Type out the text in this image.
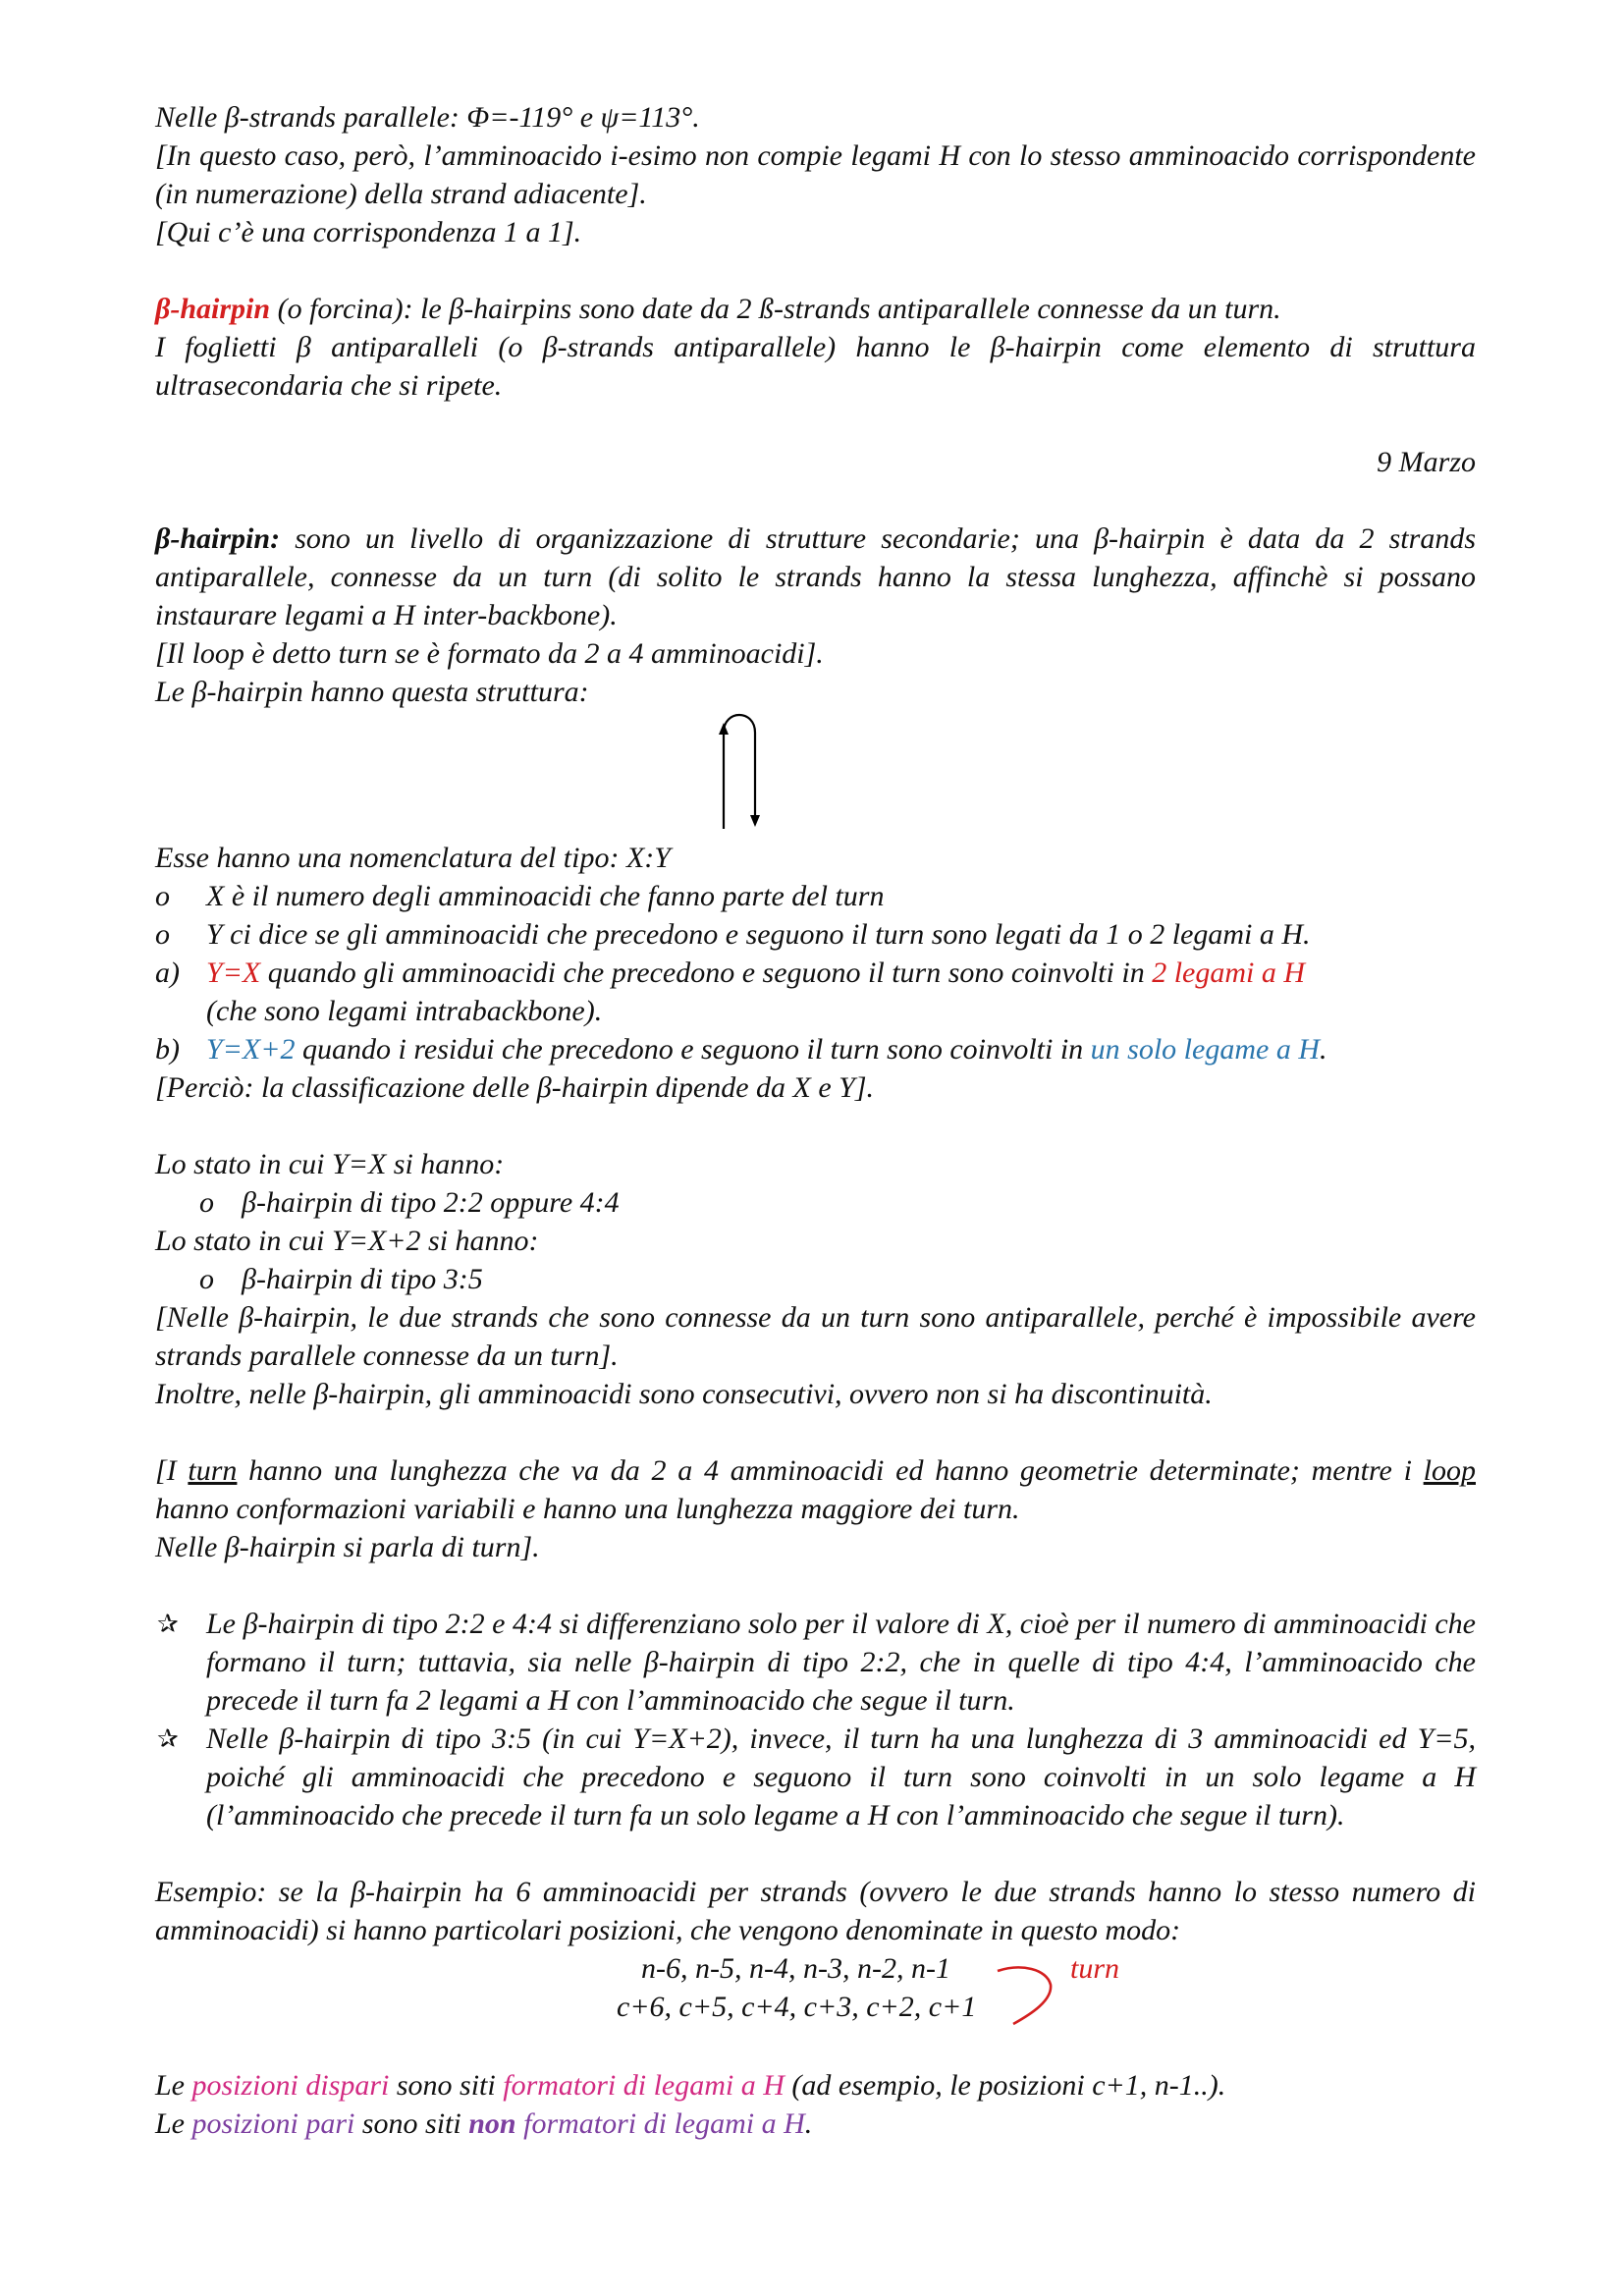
Nelle β-strands parallele: Φ=-119° e ψ=113°.

[In questo caso, però, l’amminoacido i-esimo non compie legami H con lo stesso amminoacido corrispondente (in numerazione) della strand adiacente].

[Qui c’è una corrispondenza 1 a 1].

β-hairpin (o forcina): le β-hairpins sono date da 2 ß-strands antiparallele connesse da un turn.

I foglietti β antiparalleli (o β-strands antiparallele) hanno le β-hairpin come elemento di struttura ultrasecondaria che si ripete.

9 Marzo

β-hairpin: sono un livello di organizzazione di strutture secondarie; una β-hairpin è data da 2 strands antiparallele, connesse da un turn (di solito le strands hanno la stessa lunghezza, affinchè si possano instaurare legami a H inter-backbone).

[Il loop è detto turn se è formato da 2 a 4 amminoacidi].

Le β-hairpin hanno questa struttura:

Esse hanno una nomenclatura del tipo: X:Y

o X è il numero degli amminoacidi che fanno parte del turn
o Y ci dice se gli amminoacidi che precedono e seguono il turn sono legati da 1 o 2 legami a H.
a) Y=X quando gli amminoacidi che precedono e seguono il turn sono coinvolti in 2 legami a H
(che sono legami intrabackbone).
b) Y=X+2 quando i residui che precedono e seguono il turn sono coinvolti in un solo legame a H.

[Perciò: la classificazione delle β-hairpin dipende da X e Y].

Lo stato in cui Y=X si hanno:

o β-hairpin di tipo 2:2 oppure 4:4

Lo stato in cui Y=X+2 si hanno:

o β-hairpin di tipo 3:5

[Nelle β-hairpin, le due strands che sono connesse da un turn sono antiparallele, perché è impossibile avere strands parallele connesse da un turn].

Inoltre, nelle β-hairpin, gli amminoacidi sono consecutivi, ovvero non si ha discontinuità.

[I turn hanno una lunghezza che va da 2 a 4 amminoacidi ed hanno geometrie determinate; mentre i loop hanno conformazioni variabili e hanno una lunghezza maggiore dei turn.

Nelle β-hairpin si parla di turn].

✰ Le β-hairpin di tipo 2:2 e 4:4 si differenziano solo per il valore di X, cioè per il numero di amminoacidi che formano il turn; tuttavia, sia nelle β-hairpin di tipo 2:2, che in quelle di tipo 4:4, l’amminoacido che precede il turn fa 2 legami a H con l’amminoacido che segue il turn.
✰ Nelle β-hairpin di tipo 3:5 (in cui Y=X+2), invece, il turn ha una lunghezza di 3 amminoacidi ed Y=5, poiché gli amminoacidi che precedono e seguono il turn sono coinvolti in un solo legame a H (l’amminoacido che precede il turn fa un solo legame a H con l’amminoacido che segue il turn).

Esempio: se la β-hairpin ha 6 amminoacidi per strands (ovvero le due strands hanno lo stesso numero di amminoacidi) si hanno particolari posizioni, che vengono denominate in questo modo:

n-6, n-5, n-4, n-3, n-2, n-1
c+6, c+5, c+4, c+3, c+2, c+1
turn

Le posizioni dispari sono siti formatori di legami a H (ad esempio, le posizioni c+1, n-1..).

Le posizioni pari sono siti non formatori di legami a H.
